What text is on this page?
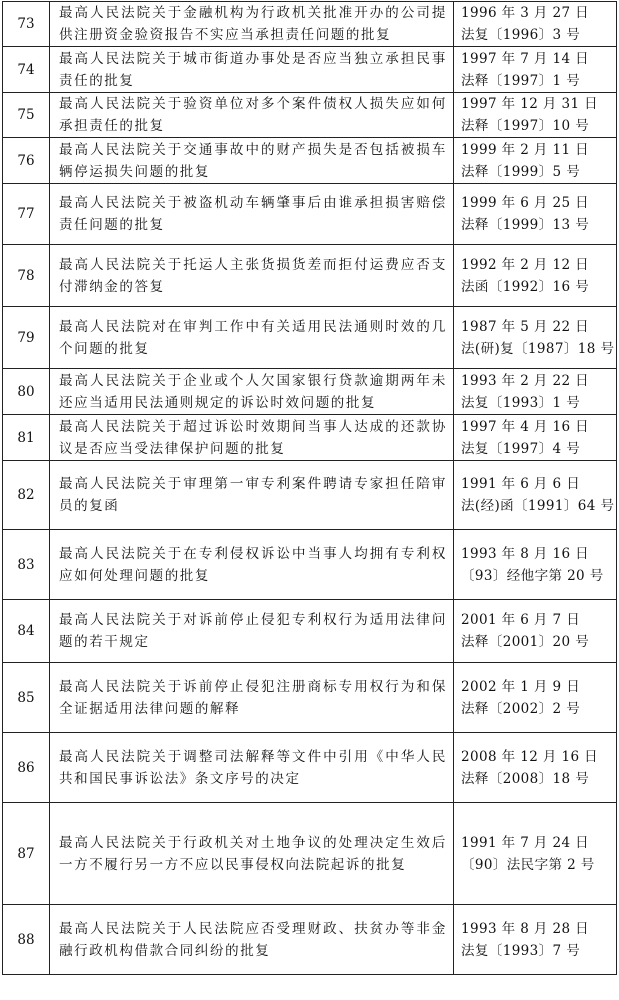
73	最高人民法院关于金融机构为行政机关批准开办的公司提供注册资金验资报告不实应当承担责任问题的批复	1996 年 3 月 27 日
法复〔1996〕3 号

74	最高人民法院关于城市街道办事处是否应当独立承担民事责任的批复	1997 年 7 月 14 日
法释〔1997〕1 号

75	最高人民法院关于验资单位对多个案件债权人损失应如何承担责任的批复	1997 年 12 月 31 日
法释〔1997〕10 号

76	最高人民法院关于交通事故中的财产损失是否包括被损车辆停运损失问题的批复	1999 年 2 月 11 日
法释〔1999〕5 号

77	最高人民法院关于被盗机动车辆肇事后由谁承担损害赔偿责任问题的批复	1999 年 6 月 25 日
法释〔1999〕13 号

78	最高人民法院关于托运人主张货损货差而拒付运费应否支付滞纳金的答复	1992 年 2 月 12 日
法函〔1992〕16 号

79	最高人民法院对在审判工作中有关适用民法通则时效的几个问题的批复	1987 年 5 月 22 日
法(研)复〔1987〕18 号

80	最高人民法院关于企业或个人欠国家银行贷款逾期两年未还应当适用民法通则规定的诉讼时效问题的批复	1993 年 2 月 22 日
法复〔1993〕1 号

81	最高人民法院关于超过诉讼时效期间当事人达成的还款协议是否应当受法律保护问题的批复	1997 年 4 月 16 日
法复〔1997〕4 号

82	最高人民法院关于审理第一审专利案件聘请专家担任陪审员的复函	1991 年 6 月 6 日
法(经)函〔1991〕64 号

83	最高人民法院关于在专利侵权诉讼中当事人均拥有专利权应如何处理问题的批复	1993 年 8 月 16 日
〔93〕经他字第 20 号

84	最高人民法院关于对诉前停止侵犯专利权行为适用法律问题的若干规定	2001 年 6 月 7 日
法释〔2001〕20 号

85	最高人民法院关于诉前停止侵犯注册商标专用权行为和保全证据适用法律问题的解释	2002 年 1 月 9 日
法释〔2002〕2 号

86	最高人民法院关于调整司法解释等文件中引用《中华人民共和国民事诉讼法》条文序号的决定	2008 年 12 月 16 日
法释〔2008〕18 号

87	最高人民法院关于行政机关对土地争议的处理决定生效后一方不履行另一方不应以民事侵权向法院起诉的批复	1991 年 7 月 24 日
〔90〕法民字第 2 号

88	最高人民法院关于人民法院应否受理财政、扶贫办等非金融行政机构借款合同纠纷的批复	1993 年 8 月 28 日
法复〔1993〕7 号
